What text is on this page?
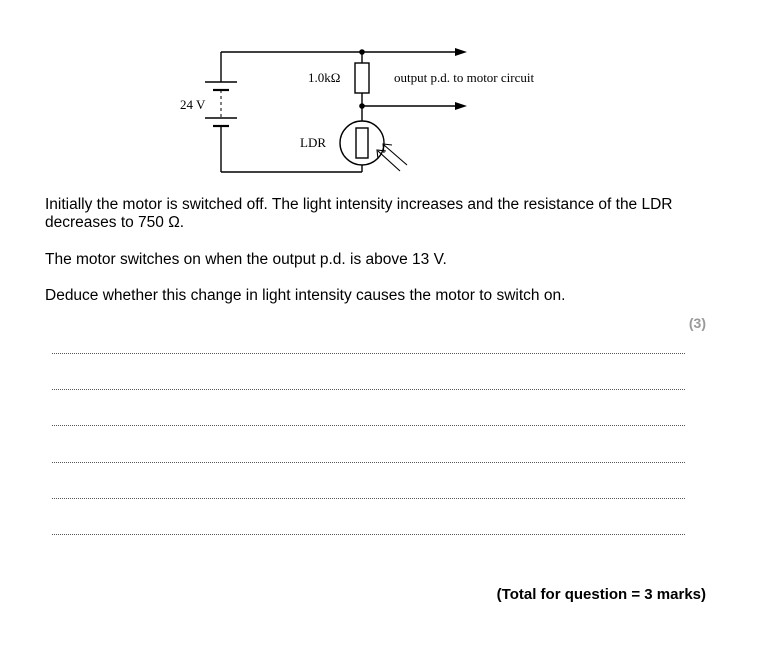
24 V
1.0kΩ	output p.d. to motor circuit
LDR

Initially the motor is switched off. The light intensity increases and the resistance of the LDR decreases to 750 Ω.

The motor switches on when the output p.d. is above 13 V.

Deduce whether this change in light intensity causes the motor to switch on.

(3)
(Total for question = 3 marks)
